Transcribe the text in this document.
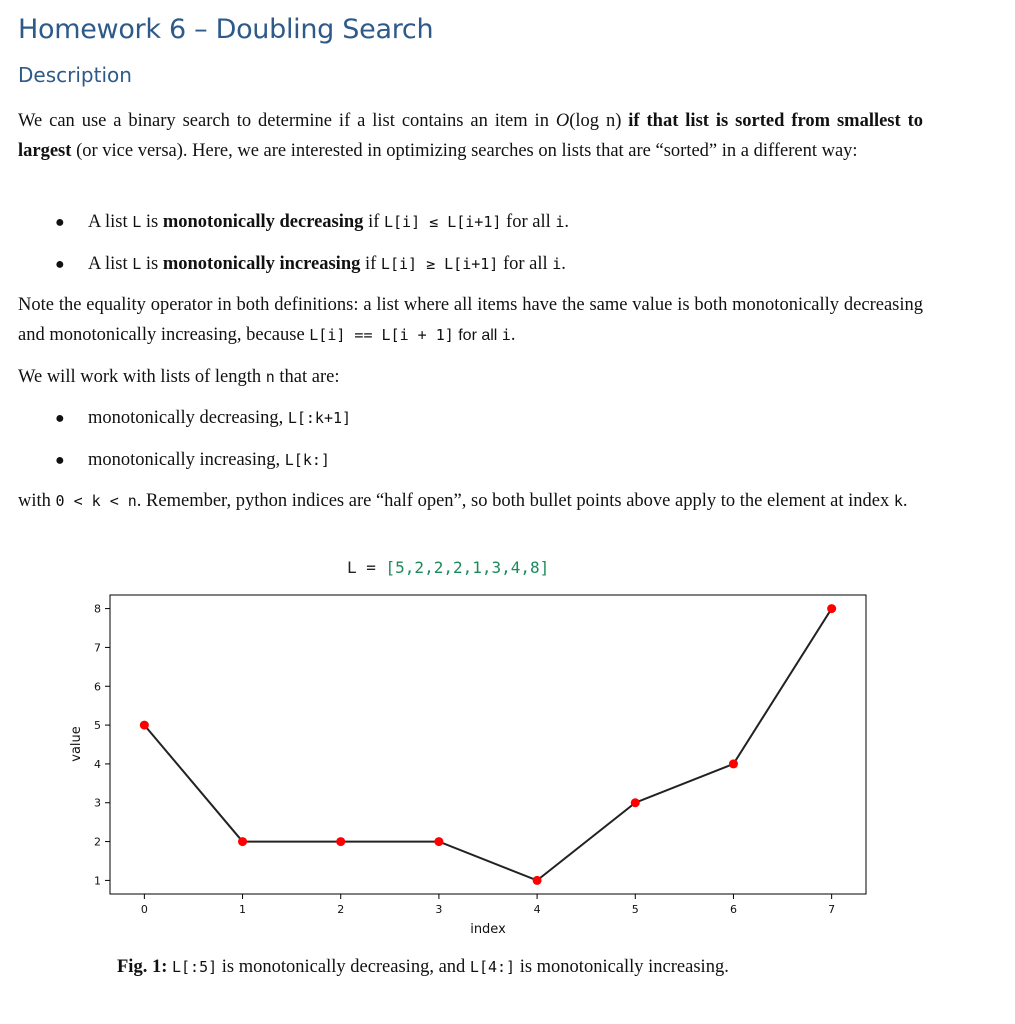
Homework 6 – Doubling Search
Description

We can use a binary search to determine if a list contains an item in O(log n) if that list is sorted from smallest to largest (or vice versa). Here, we are interested in optimizing searches on lists that are “sorted” in a different way:

● A list L is monotonically decreasing if L[i] ≤ L[i+1] for all i.
● A list L is monotonically increasing if L[i] ≥ L[i+1] for all i.

Note the equality operator in both definitions: a list where all items have the same value is both monotonically decreasing and monotonically increasing, because L[i] == L[i + 1] for all i.

We will work with lists of length n that are:

● monotonically decreasing, L[:k+1]
● monotonically increasing, L[k:]

with 0 < k < n. Remember, python indices are “half open”, so both bullet points above apply to the element at index k.

L = [5,2,2,2,1,3,4,8]
1
2
3
4
5
6
7
8
0	1	2	3	4	5	6	7
index
value
Fig. 1: L[:5] is monotonically decreasing, and L[4:] is monotonically increasing.
